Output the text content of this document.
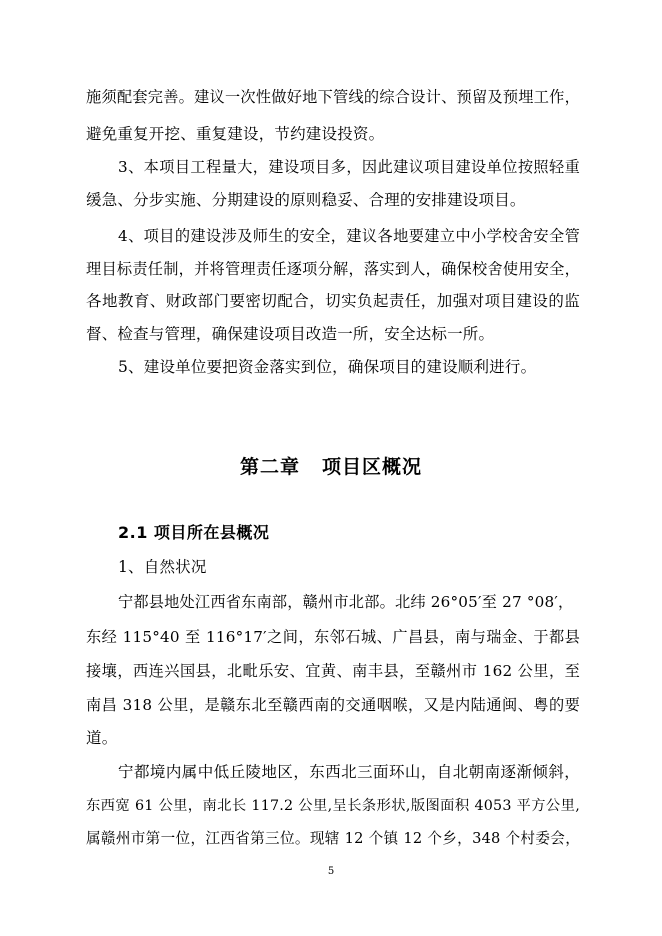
施须配套完善。建议一次性做好地下管线的综合设计、预留及预埋工作，
避免重复开挖、重复建设，节约建设投资。
3、本项目工程量大，建设项目多，因此建议项目建设单位按照轻重
缓急、分步实施、分期建设的原则稳妥、合理的安排建设项目。
4、项目的建设涉及师生的安全，建议各地要建立中小学校舍安全管
理目标责任制，并将管理责任逐项分解，落实到人，确保校舍使用安全，
各地教育、财政部门要密切配合，切实负起责任，加强对项目建设的监
督、检查与管理，确保建设项目改造一所，安全达标一所。
5、建设单位要把资金落实到位，确保项目的建设顺利进行。
第二章 项目区概况
2.1 项目所在县概况
1、自然状况
宁都县地处江西省东南部，赣州市北部。北纬 26°05′至 27 °08′，
东经 115°40 至 116°17′之间，东邻石城、广昌县，南与瑞金、于都县
接壤，西连兴国县，北毗乐安、宜黄、南丰县，至赣州市 162 公里，至
南昌 318 公里，是赣东北至赣西南的交通咽喉，又是内陆通闽、粤的要
道。
宁都境内属中低丘陵地区，东西北三面环山，自北朝南逐渐倾斜，
东西宽 61 公里，南北长 117.2 公里,呈长条形状,版图面积 4053 平方公里,
属赣州市第一位，江西省第三位。现辖 12 个镇 12 个乡，348 个村委会，
5
